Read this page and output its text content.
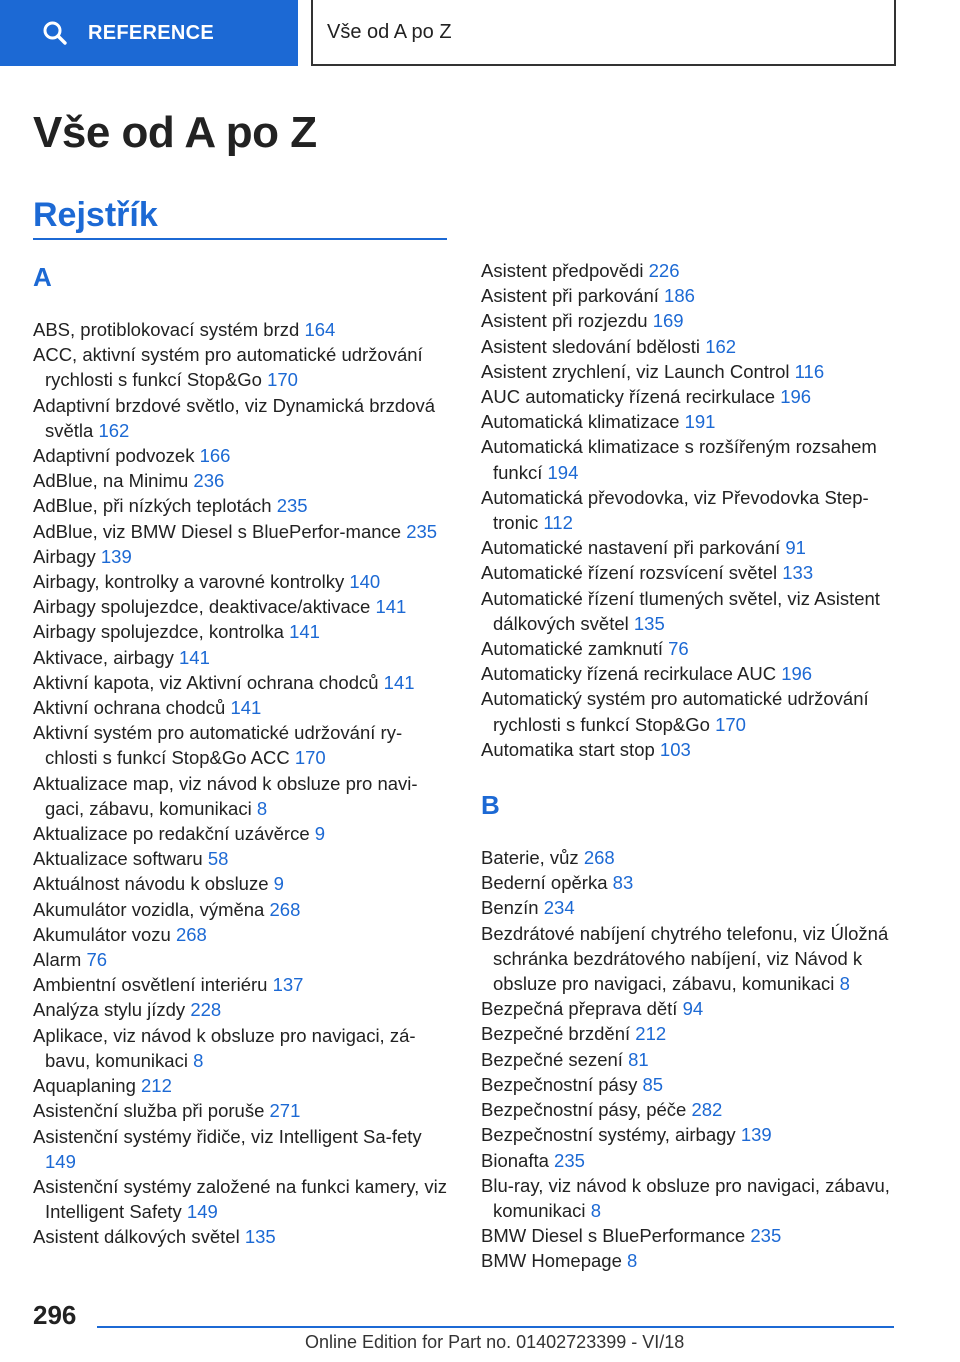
REFERENCE	Vše od A po Z
Vše od A po Z
Rejstřík
A
ABS, protiblokovací systém brzd 164
ACC, aktivní systém pro automatické udržování rychlosti s funkcí Stop&Go 170
Adaptivní brzdové světlo, viz Dynamická brzdová světla 162
Adaptivní podvozek 166
AdBlue, na Minimu 236
AdBlue, při nízkých teplotách 235
AdBlue, viz BMW Diesel s BluePerfor-mance 235
Airbagy 139
Airbagy, kontrolky a varovné kontrolky 140
Airbagy spolujezdce, deaktivace/aktivace 141
Airbagy spolujezdce, kontrolka 141
Aktivace, airbagy 141
Aktivní kapota, viz Aktivní ochrana chodců 141
Aktivní ochrana chodců 141
Aktivní systém pro automatické udržování ry-chlosti s funkcí Stop&Go ACC 170
Aktualizace map, viz návod k obsluze pro navi-gaci, zábavu, komunikaci 8
Aktualizace po redakční uzávěrce 9
Aktualizace softwaru 58
Aktuálnost návodu k obsluze 9
Akumulátor vozidla, výměna 268
Akumulátor vozu 268
Alarm 76
Ambientní osvětlení interiéru 137
Analýza stylu jízdy 228
Aplikace, viz návod k obsluze pro navigaci, zá-bavu, komunikaci 8
Aquaplaning 212
Asistenční služba při poruše 271
Asistenční systémy řidiče, viz Intelligent Sa-fety 149
Asistenční systémy založené na funkci kamery, viz Intelligent Safety 149
Asistent dálkových světel 135
Asistent předpovědi 226
Asistent při parkování 186
Asistent při rozjezdu 169
Asistent sledování bdělosti 162
Asistent zrychlení, viz Launch Control 116
AUC automaticky řízená recirkulace 196
Automatická klimatizace 191
Automatická klimatizace s rozšířeným rozsahem funkcí 194
Automatická převodovka, viz Převodovka Step-tronic 112
Automatické nastavení při parkování 91
Automatické řízení rozsvícení světel 133
Automatické řízení tlumených světel, viz Asistent dálkových světel 135
Automatické zamknutí 76
Automaticky řízená recirkulace AUC 196
Automatický systém pro automatické udržování rychlosti s funkcí Stop&Go 170
Automatika start stop 103
B
Baterie, vůz 268
Bederní opěrka 83
Benzín 234
Bezdrátové nabíjení chytrého telefonu, viz Úložná schránka bezdrátového nabíjení, viz Návod k obsluze pro navigaci, zábavu, komunikaci 8
Bezpečná přeprava dětí 94
Bezpečné brzdění 212
Bezpečné sezení 81
Bezpečnostní pásy 85
Bezpečnostní pásy, péče 282
Bezpečnostní systémy, airbagy 139
Bionafta 235
Blu-ray, viz návod k obsluze pro navigaci, zábavu, komunikaci 8
BMW Diesel s BluePerformance 235
BMW Homepage 8
296
Online Edition for Part no. 01402723399 - VI/18
